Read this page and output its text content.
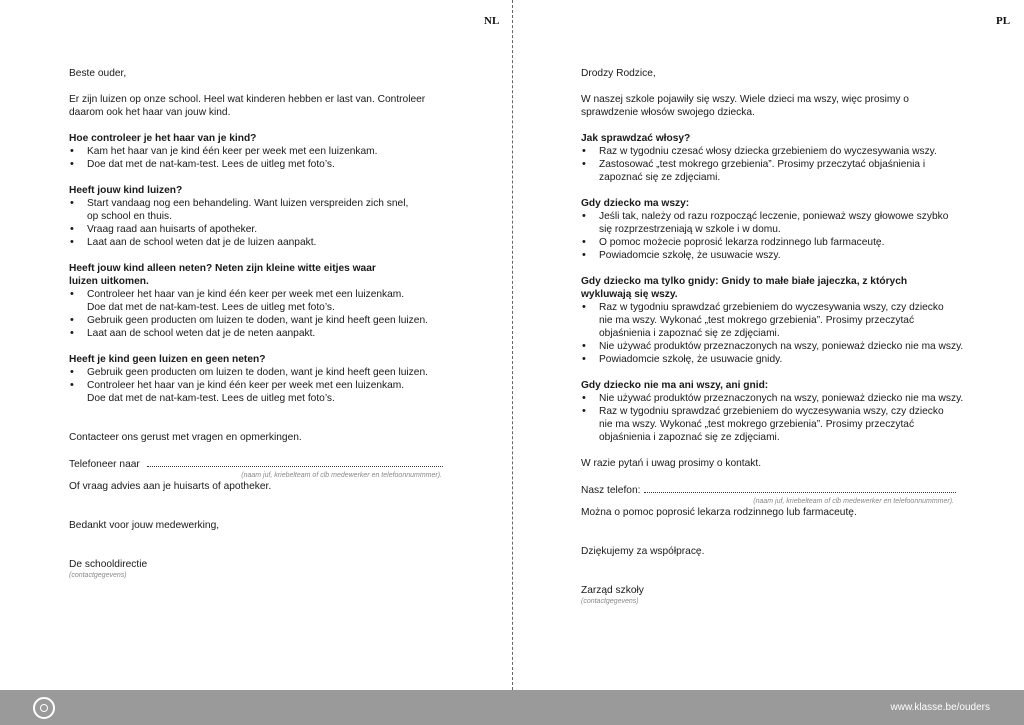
NL	PL

Beste ouder,

Er zijn luizen op onze school. Heel wat kinderen hebben er last van. Controleer

daarom ook het haar van jouw kind.

Hoe controleer je het haar van je kind?

• Kam het haar van je kind één keer per week met een luizenkam.

• Doe dat met de nat-kam-test. Lees de uitleg met foto’s.

Heeft jouw kind luizen?

• Start vandaag nog een behandeling. Want luizen verspreiden zich snel,

op school en thuis.

• Vraag raad aan huisarts of apotheker.

• Laat aan de school weten dat je de luizen aanpakt.

Heeft jouw kind alleen neten? Neten zijn kleine witte eitjes waar

luizen uitkomen.

• Controleer het haar van je kind één keer per week met een luizenkam.

Doe dat met de nat-kam-test. Lees de uitleg met foto’s.

• Gebruik geen producten om luizen te doden, want je kind heeft geen luizen.

• Laat aan de school weten dat je de neten aanpakt.

Heeft je kind geen luizen en geen neten?

• Gebruik geen producten om luizen te doden, want je kind heeft geen luizen.

• Controleer het haar van je kind één keer per week met een luizenkam.

Doe dat met de nat-kam-test. Lees de uitleg met foto’s.

Contacteer ons gerust met vragen en opmerkingen.

Telefoneer naar

(naam juf, kriebelteam of clb medewerker en telefoonnummmer).

Of vraag advies aan je huisarts of apotheker.

Bedankt voor jouw medewerking,

De schooldirectie

(contactgegevens)

Drodzy Rodzice,

W naszej szkole pojawiły się wszy. Wiele dzieci ma wszy, więc prosimy o

sprawdzenie włosów swojego dziecka.

Jak sprawdzać włosy?

• Raz w tygodniu czesać włosy dziecka grzebieniem do wyczesywania wszy.

• Zastosować „test mokrego grzebienia”. Prosimy przeczytać objaśnienia i

zapoznać się ze zdjęciami.

Gdy dziecko ma wszy:

• Jeśli tak, należy od razu rozpocząć leczenie, ponieważ wszy głowowe szybko

się rozprzestrzeniają w szkole i w domu.

• O pomoc możecie poprosić lekarza rodzinnego lub farmaceutę.

• Powiadomcie szkołę, że usuwacie wszy.

Gdy dziecko ma tylko gnidy: Gnidy to małe białe jajeczka, z których

wykluwają się wszy.

• Raz w tygodniu sprawdzać grzebieniem do wyczesywania wszy, czy dziecko

nie ma wszy. Wykonać „test mokrego grzebienia”. Prosimy przeczytać

objaśnienia i zapoznać się ze zdjęciami.

• Nie używać produktów przeznaczonych na wszy, ponieważ dziecko nie ma wszy.

• Powiadomcie szkołę, że usuwacie gnidy.

Gdy dziecko nie ma ani wszy, ani gnid:

• Nie używać produktów przeznaczonych na wszy, ponieważ dziecko nie ma wszy.

• Raz w tygodniu sprawdzać grzebieniem do wyczesywania wszy, czy dziecko

nie ma wszy. Wykonać „test mokrego grzebienia”. Prosimy przeczytać

objaśnienia i zapoznać się ze zdjęciami.

W razie pytań i uwag prosimy o kontakt.

Nasz telefon:

(naam juf, kriebelteam of clb medewerker en telefoonnummmer).

Można o pomoc poprosić lekarza rodzinnego lub farmaceutę.

Dziękujemy za współpracę.

Zarząd szkoły

(contactgegevens)

www.klasse.be/ouders
